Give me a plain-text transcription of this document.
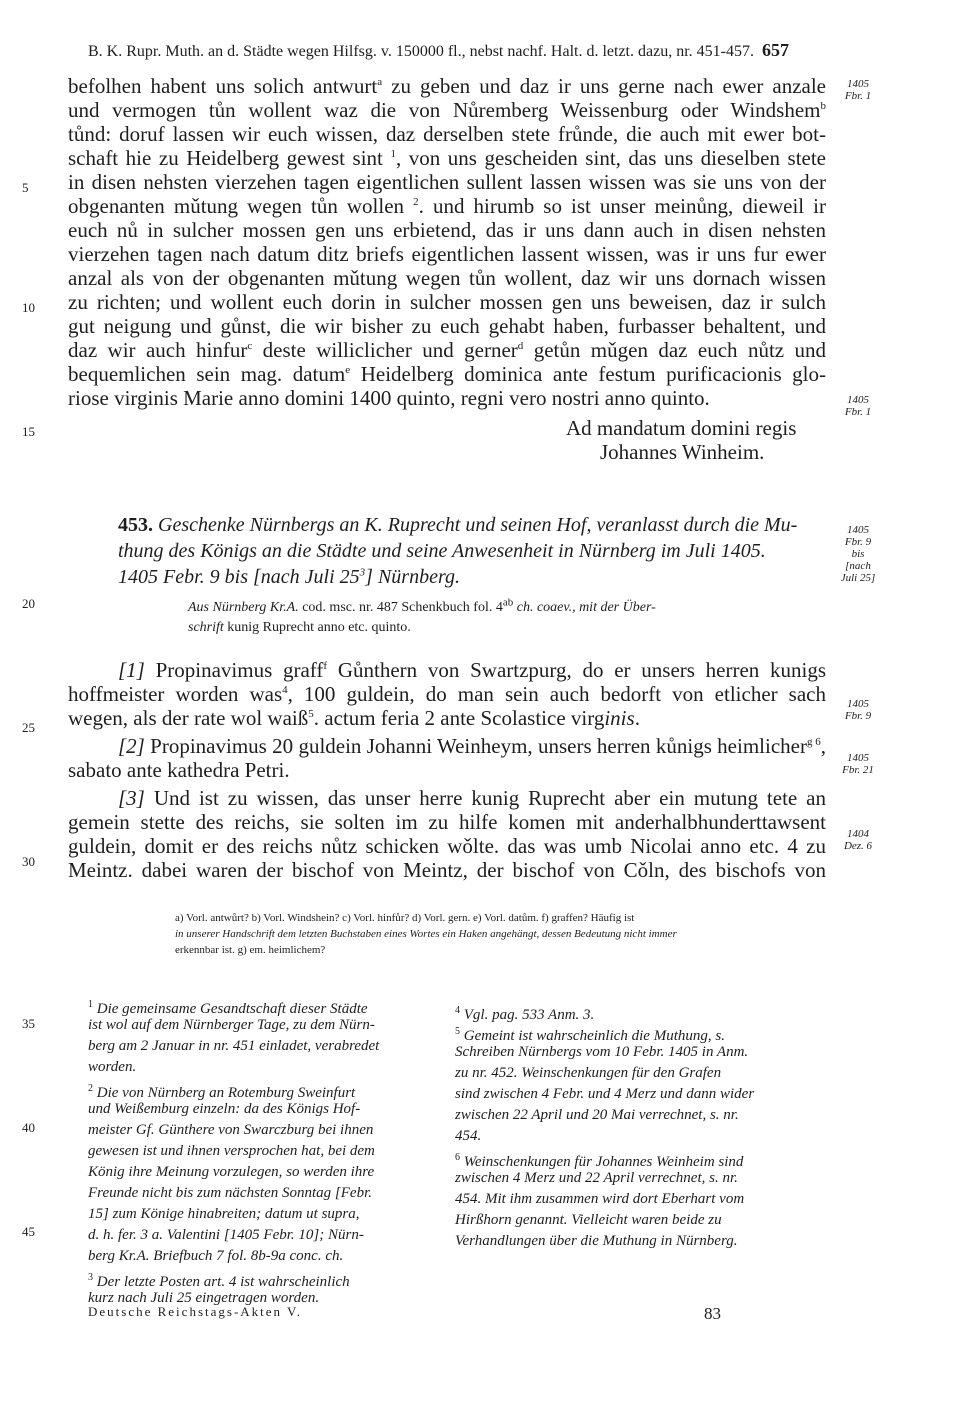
B. K. Rupr. Muth. an d. Städte wegen Hilfsg. v. 150000 fl., nebst nachf. Halt. d. letzt. dazu, nr. 451-457. 657
befolhen habent uns solich antwurt$^a$ zu geben und daz ir uns gerne nach ewer anzale
und vermogen tůn wollent waz die von Nůremberg Weissenburg oder Windshem$^b$
tůnd: doruf lassen wir euch wissen, daz derselben stete frůnde, die auch mit ewer bot-
schaft hie zu Heidelberg gewest sint $^1$, von uns gescheiden sint, das uns dieselben stete
in disen nehsten vierzehen tagen eigentlichen sullent lassen wissen was sie uns von der
obgenanten mǔtung wegen tůn wollen $^2$. und hirumb so ist unser meinůng, dieweil ir
euch nů in sulcher mossen gen uns erbietend, das ir uns dann auch in disen nehsten
vierzehen tagen nach datum ditz briefs eigentlichen lassent wissen, was ir uns fur ewer
anzal als von der obgenanten mǔtung wegen tůn wollent, daz wir uns dornach wissen
zu richten; und wollent euch dorin in sulcher mossen gen uns beweisen, daz ir sulch
gut neigung und gůnst, die wir bisher zu euch gehabt haben, furbasser behaltent, und
daz wir auch hinfur$^c$ deste williclicher und gerner$^d$ getůn mǔgen daz euch nůtz und
bequemlichen sein mag. datum$^e$ Heidelberg dominica ante festum purificacionis glo-
riose virginis Marie anno domini 1400 quinto, regni vero nostri anno quinto.
Ad mandatum domini regis
Johannes Winheim.
5
10
15
20
25
30
35
40
45
1405
Fbr. 1
1405
Fbr. 1
1405
Fbr. 9
bis
[nach
Juli 25]
1405
Fbr. 9
1405
Fbr. 21
1404
Dez. 6
453. Geschenke Nürnbergs an K. Ruprecht und seinen Hof, veranlasst durch die Mu-
thung des Königs an die Städte und seine Anwesenheit in Nürnberg im Juli 1405.
1405 Febr. 9 bis [nach Juli $25^3$] Nürnberg.
Aus Nürnberg Kr.A. cod. msc. nr. 487 Schenkbuch fol. $4^{ab}$ ch. coaev., mit der Über-
schrift kunig Ruprecht anno etc. quinto.
[1] Propinavimus graff$^f$ Gůnthern von Swartzpurg, do er unsers herren kunigs
hoffmeister worden was$^4$, 100 guldein, do man sein auch bedorft von etlicher sach
wegen, als der rate wol waiß$^5$. actum feria 2 ante Scolastice virginis.
[2] Propinavimus 20 guldein Johanni Weinheym, unsers herren kůnigs heimlicher$^{g 6}$,
sabato ante kathedra Petri.
[3] Und ist zu wissen, das unser herre kunig Ruprecht aber ein mutung tete an
gemein stette des reichs, sie solten im zu hilfe komen mit anderhalbhunderttawsent
guldein, domit er des reichs nůtz schicken wǒlte. das was umb Nicolai anno etc. 4 zu
Meintz. dabei waren der bischof von Meintz, der bischof von Cǒln, des bischofs von
a) Vorl. antwůrt? b) Vorl. Windshein? c) Vorl. hinfůr? d) Vorl. gern. e) Vorl. datům. f) graffen? Häufig ist
in unserer Handschrift dem letzten Buchstaben eines Wortes ein Haken angehängt, dessen Bedeutung nicht immer
erkennbar ist. g) em. heimlichem?
$^1$ Die gemeinsame Gesandtschaft dieser Städte
ist wol auf dem Nürnberger Tage, zu dem Nürn-
berg am 2 Januar in nr. 451 einladet, verabredet
worden.
$^2$ Die von Nürnberg an Rotemburg Sweinfurt
und Weißemburg einzeln: da des Königs Hof-
meister Gf. Günthere von Swarczburg bei ihnen
gewesen ist und ihnen versprochen hat, bei dem
König ihre Meinung vorzulegen, so werden ihre
Freunde nicht bis zum nächsten Sonntag [Febr.
15] zum Könige hinabreiten; datum ut supra,
d. h. fer. 3 a. Valentini [1405 Febr. 10]; Nürn-
berg Kr.A. Briefbuch 7 fol. 8b-9a conc. ch.
$^3$ Der letzte Posten art. 4 ist wahrscheinlich
kurz nach Juli 25 eingetragen worden.
$^4$ Vgl. pag. 533 Anm. 3.
$^5$ Gemeint ist wahrscheinlich die Muthung, s.
Schreiben Nürnbergs vom 10 Febr. 1405 in Anm.
zu nr. 452. Weinschenkungen für den Grafen
sind zwischen 4 Febr. und 4 Merz und dann wider
zwischen 22 April und 20 Mai verrechnet, s. nr.
454.
$^6$ Weinschenkungen für Johannes Weinheim sind
zwischen 4 Merz und 22 April verrechnet, s. nr.
454. Mit ihm zusammen wird dort Eberhart vom
Hirßhorn genannt. Vielleicht waren beide zu
Verhandlungen über die Muthung in Nürnberg.
Deutsche Reichstags-Akten V.	83
